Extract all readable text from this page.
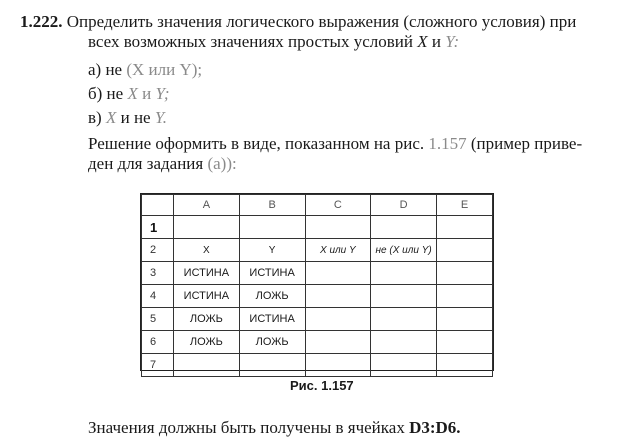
1.222. Определить значения логического выражения (сложного условия) при
всех возможных значениях простых условий X и Y:
а) не (X или Y);
б) не X и Y;
в) X и не Y.
Решение оформить в виде, показанном на рис. 1.157 (пример приве-
ден для задания (а)):
	A	B	C	D	E
1					
2	X	Y	X или Y	не (X или Y)	
3	ИСТИНА	ИСТИНА			
4	ИСТИНА	ЛОЖЬ			
5	ЛОЖЬ	ИСТИНА			
6	ЛОЖЬ	ЛОЖЬ			
7					
Рис. 1.157
Значения должны быть получены в ячейках D3:D6.
